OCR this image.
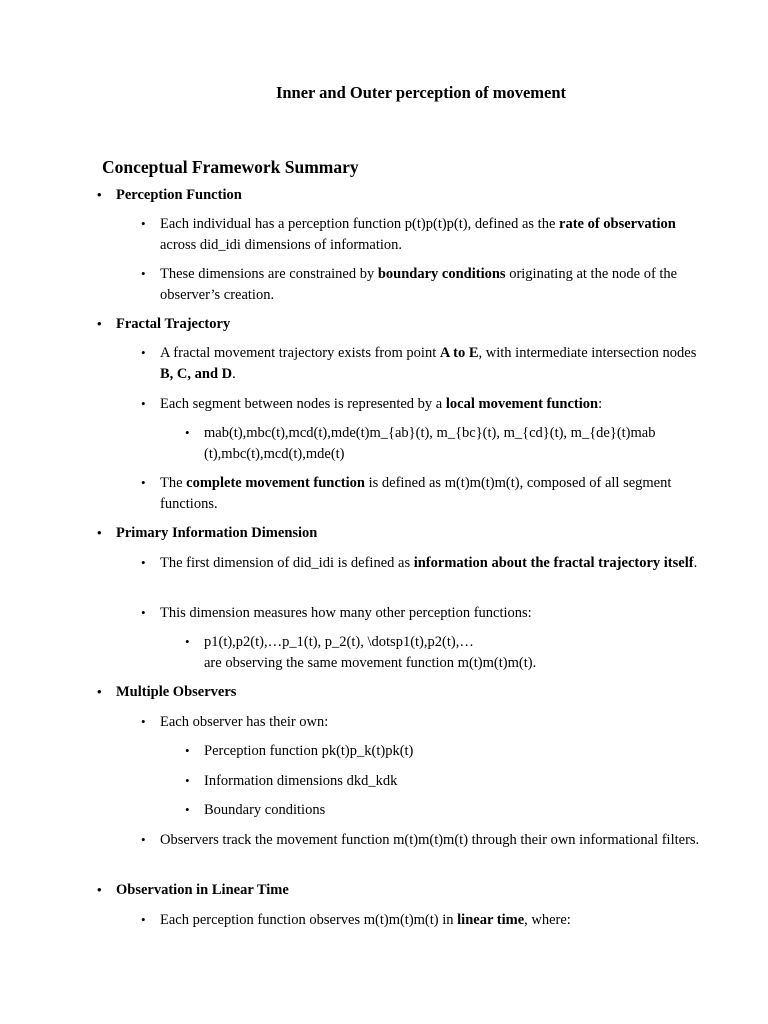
Inner and Outer perception of movement
Conceptual Framework Summary
• Perception Function
• Each individual has a perception function p(t)p(t)p(t), defined as the rate of observation across did_idi dimensions of information.
• These dimensions are constrained by boundary conditions originating at the node of the observer’s creation.
• Fractal Trajectory
• A fractal movement trajectory exists from point A to E, with intermediate intersection nodes B, C, and D.
• Each segment between nodes is represented by a local movement function:
• mab(t),mbc(t),mcd(t),mde(t)m_{ab}(t), m_{bc}(t), m_{cd}(t), m_{de}(t)mab (t),mbc(t),mcd(t),mde(t)
• The complete movement function is defined as m(t)m(t)m(t), composed of all segment functions.
• Primary Information Dimension
• The first dimension of did_idi is defined as information about the fractal trajectory itself.
• This dimension measures how many other perception functions:
• p1(t),p2(t),…p_1(t), p_2(t), \dotsp1(t),p2(t),…
are observing the same movement function m(t)m(t)m(t).
• Multiple Observers
• Each observer has their own:
• Perception function pk(t)p_k(t)pk(t)
• Information dimensions dkd_kdk
• Boundary conditions
• Observers track the movement function m(t)m(t)m(t) through their own informational filters.
• Observation in Linear Time
• Each perception function observes m(t)m(t)m(t) in linear time, where:
